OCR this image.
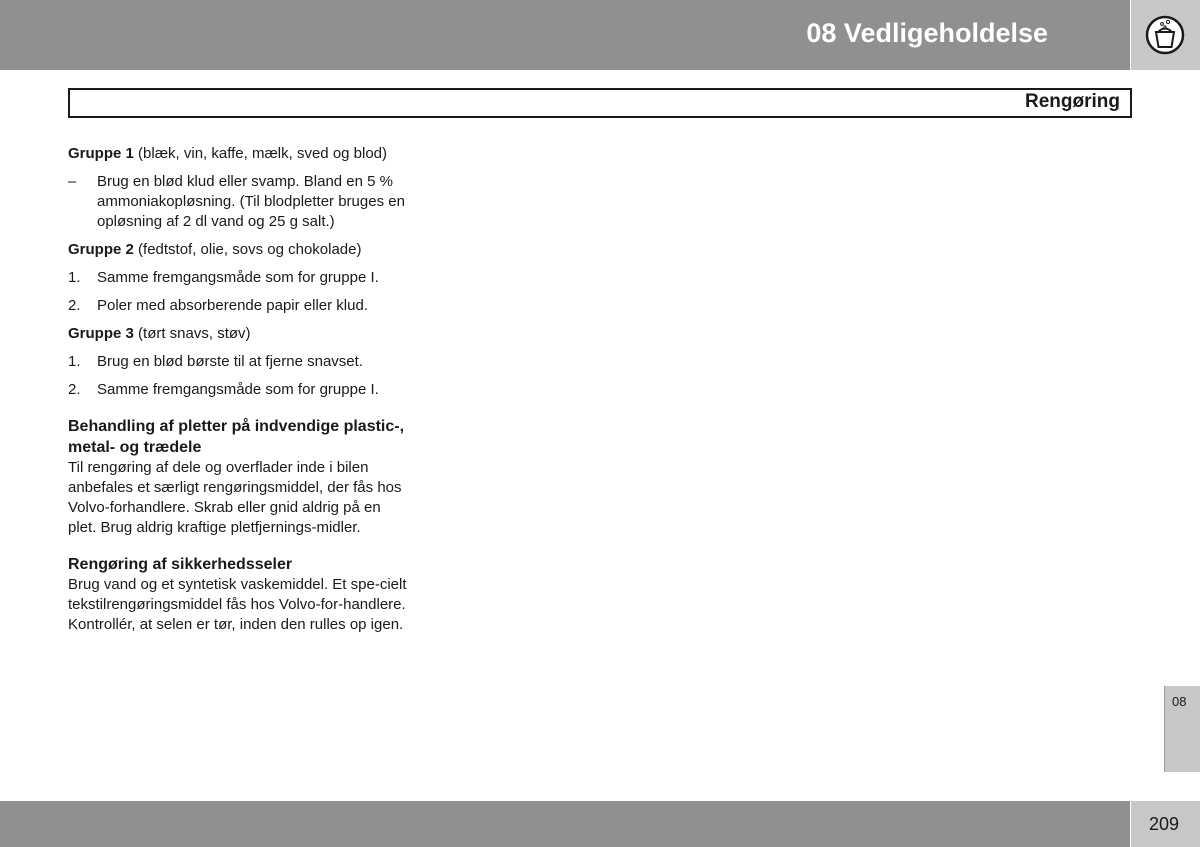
08 Vedligeholdelse
Rengøring

Gruppe 1 (blæk, vin, kaffe, mælk, sved og blod)

– Brug en blød klud eller svamp. Bland en 5 % ammoniakopløsning. (Til blodpletter bruges en opløsning af 2 dl vand og 25 g salt.)

Gruppe 2 (fedtstof, olie, sovs og chokolade)

1. Samme fremgangsmåde som for gruppe I.
2. Poler med absorberende papir eller klud.

Gruppe 3 (tørt snavs, støv)

1. Brug en blød børste til at fjerne snavset.
2. Samme fremgangsmåde som for gruppe I.
Behandling af pletter på indvendige plastic-, metal- og trædele

Til rengøring af dele og overflader inde i bilen anbefales et særligt rengøringsmiddel, der fås hos Volvo-forhandlere. Skrab eller gnid aldrig på en plet. Brug aldrig kraftige pletfjernings-midler.

Rengøring af sikkerhedsseler

Brug vand og et syntetisk vaskemiddel. Et spe-cielt tekstilrengøringsmiddel fås hos Volvo-for-handlere. Kontrollér, at selen er tør, inden den rulles op igen.

08
209
